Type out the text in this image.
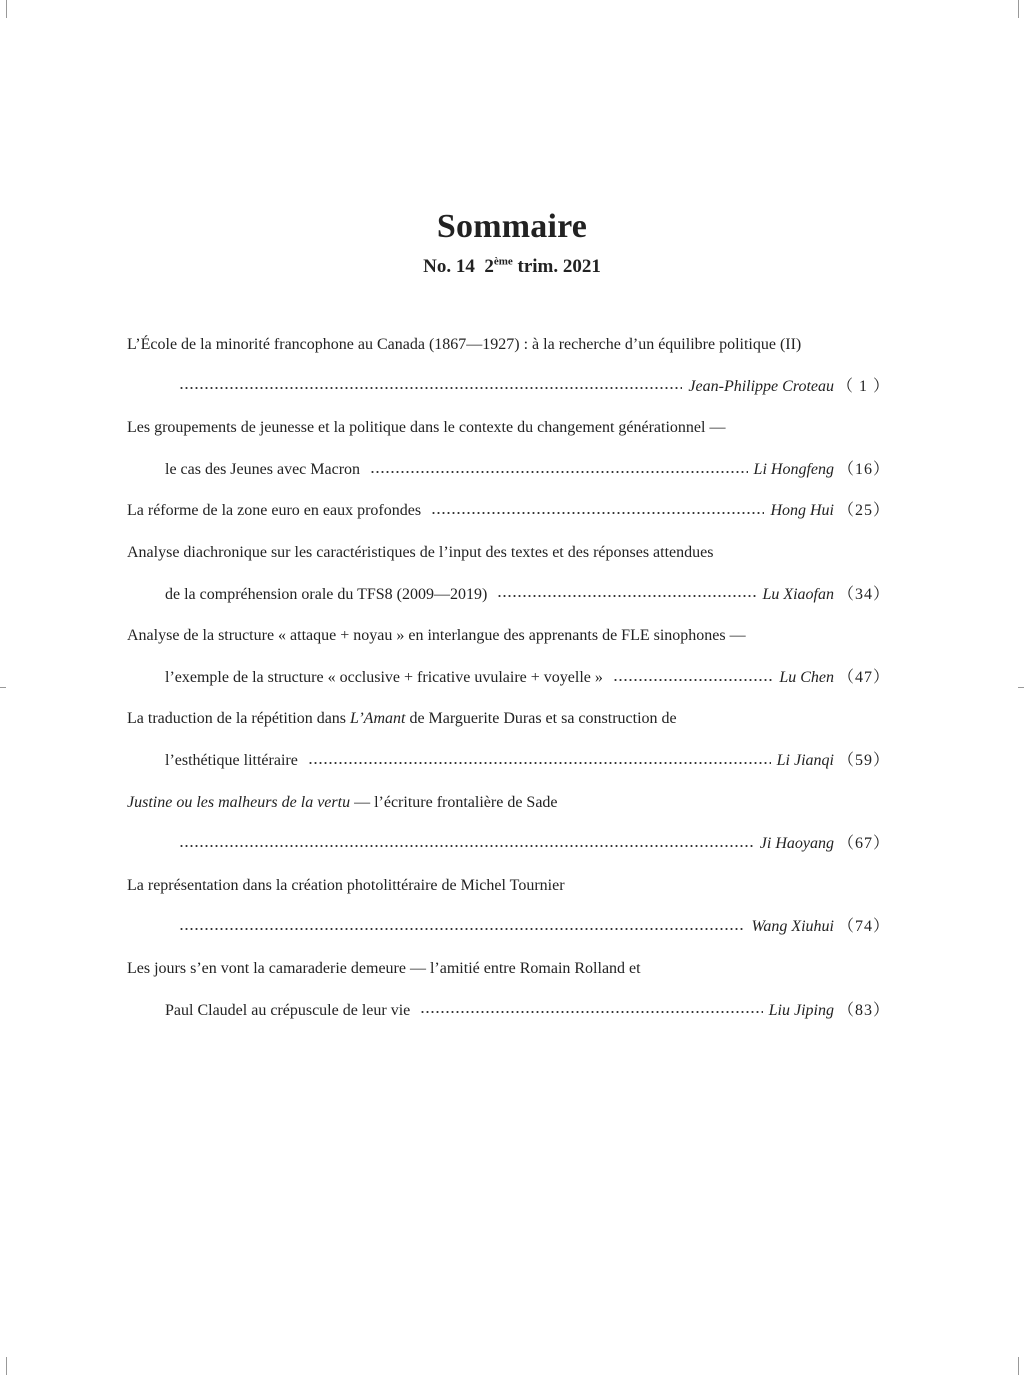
Sommaire
No. 14 2ème trim. 2021
L’École de la minorité francophone au Canada (1867—1927) : à la recherche d’un équilibre politique (II)
Jean-Philippe Croteau （ 1 ）
Les groupements de jeunesse et la politique dans le contexte du changement générationnel —
le cas des Jeunes avec Macron	Li Hongfeng （16）
La réforme de la zone euro en eaux profondes	Hong Hui （25）
Analyse diachronique sur les caractéristiques de l’input des textes et des réponses attendues
de la compréhension orale du TFS8 (2009—2019)	Lu Xiaofan （34）
Analyse de la structure « attaque + noyau » en interlangue des apprenants de FLE sinophones —
l’exemple de la structure « occlusive + fricative uvulaire + voyelle »	Lu Chen （47）
La traduction de la répétition dans L’Amant de Marguerite Duras et sa construction de
l’esthétique littéraire	Li Jianqi （59）
Justine ou les malheurs de la vertu — l’écriture frontalière de Sade
Ji Haoyang （67）
La représentation dans la création photolittéraire de Michel Tournier
Wang Xiuhui （74）
Les jours s’en vont la camaraderie demeure — l’amitié entre Romain Rolland et
Paul Claudel au crépuscule de leur vie	Liu Jiping （83）
